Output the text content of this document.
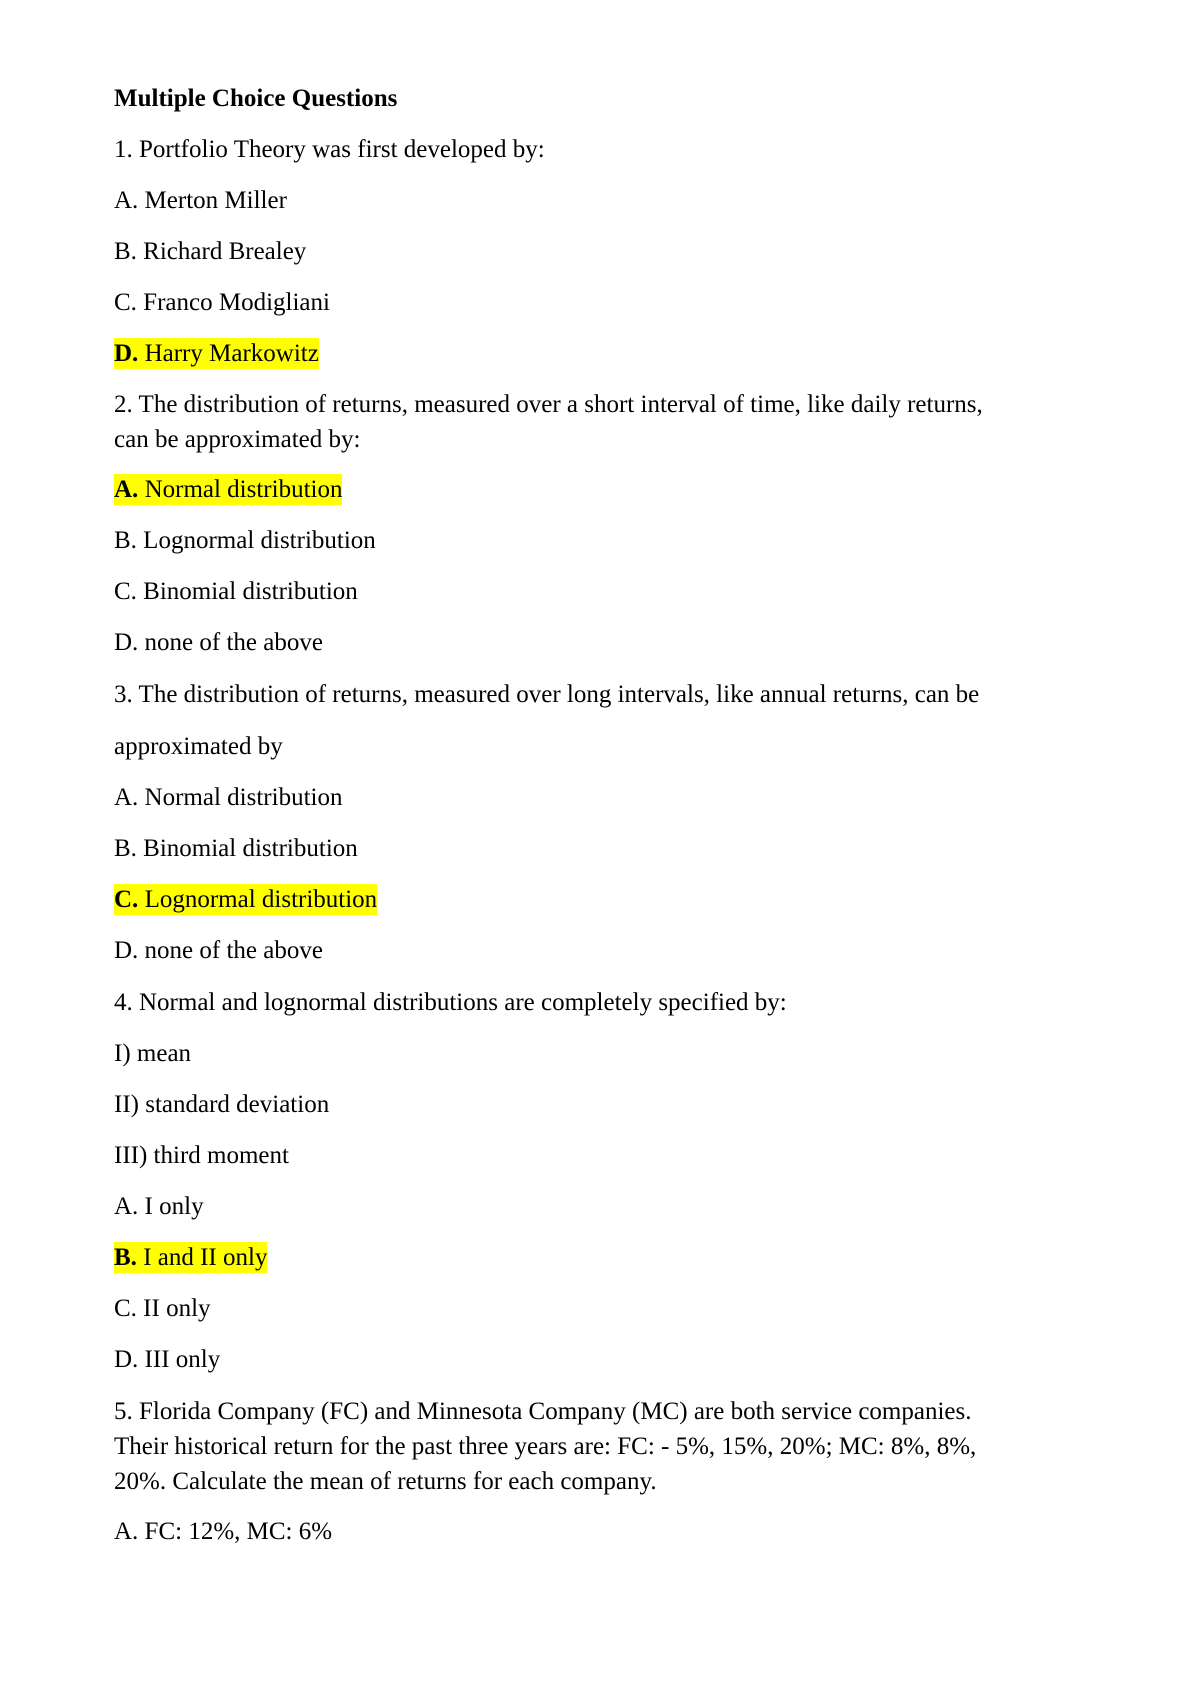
Multiple Choice Questions
1. Portfolio Theory was first developed by:
A. Merton Miller
B. Richard Brealey
C. Franco Modigliani
D. Harry Markowitz
2. The distribution of returns, measured over a short interval of time, like daily returns,
can be approximated by:
A. Normal distribution
B. Lognormal distribution
C. Binomial distribution
D. none of the above
3. The distribution of returns, measured over long intervals, like annual returns, can be
approximated by
A. Normal distribution
B. Binomial distribution
C. Lognormal distribution
D. none of the above
4. Normal and lognormal distributions are completely specified by:
I) mean
II) standard deviation
III) third moment
A. I only
B. I and II only
C. II only
D. III only
5. Florida Company (FC) and Minnesota Company (MC) are both service companies.
Their historical return for the past three years are: FC: - 5%, 15%, 20%; MC: 8%, 8%,
20%. Calculate the mean of returns for each company.
A. FC: 12%, MC: 6%
